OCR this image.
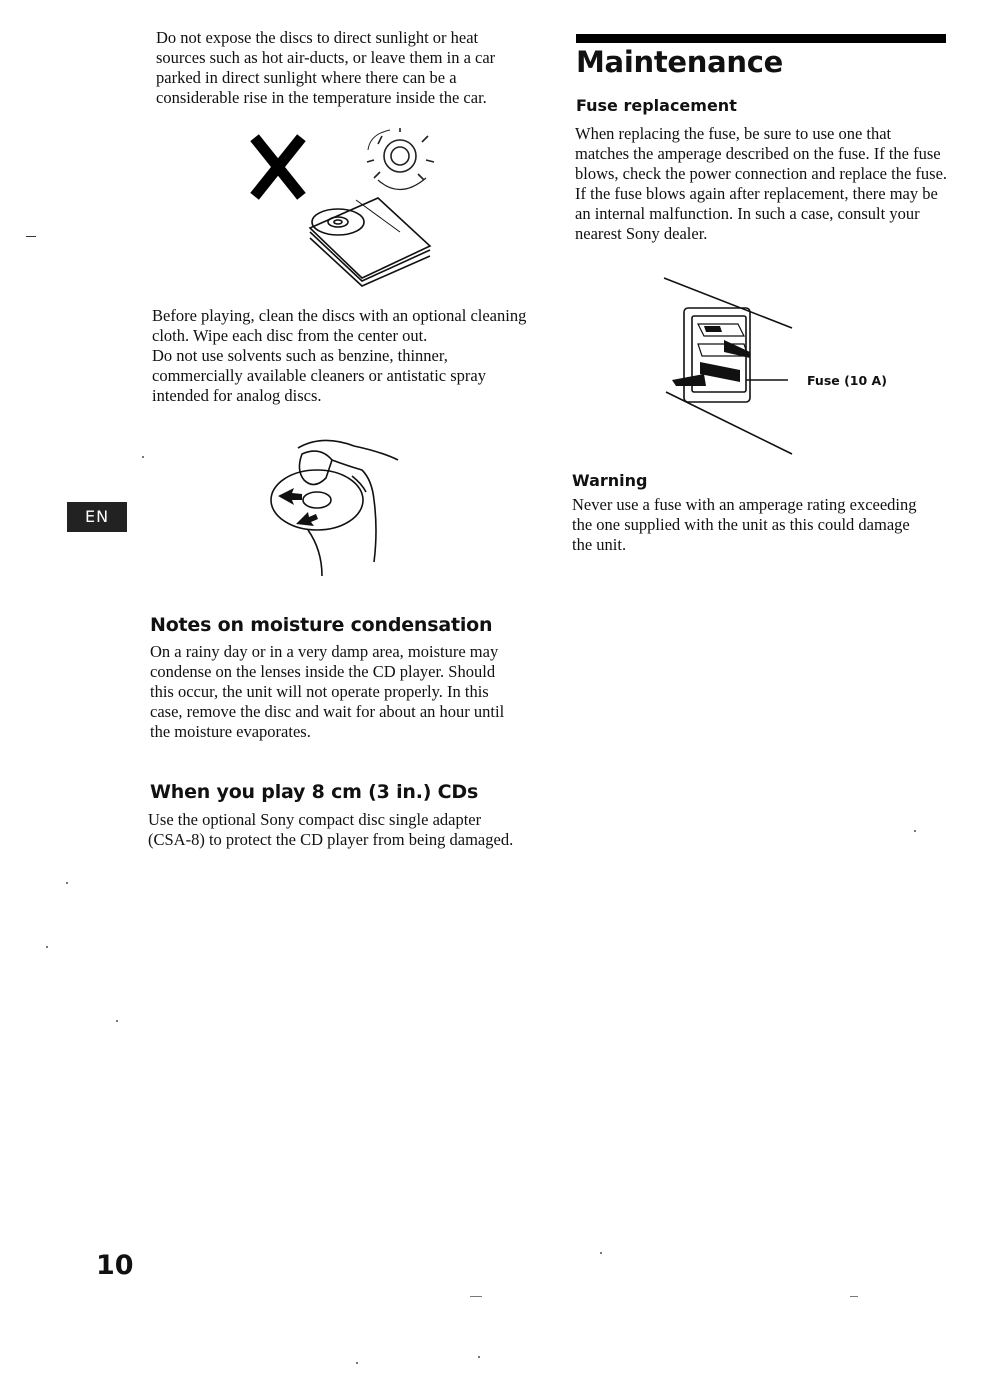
EN

Do not expose the discs to direct sunlight or heat sources such as hot air-ducts, or leave them in a car parked in direct sunlight where there can be a considerable rise in the temperature inside the car.

Before playing, clean the discs with an optional cleaning cloth. Wipe each disc from the center out.

Do not use solvents such as benzine, thinner, commercially available cleaners or antistatic spray intended for analog discs.

Notes on moisture condensation

On a rainy day or in a very damp area, moisture may condense on the lenses inside the CD player. Should this occur, the unit will not operate properly. In this case, remove the disc and wait for about an hour until the moisture evaporates.

When you play 8 cm (3 in.) CDs

Use the optional Sony compact disc single adapter (CSA-8) to protect the CD player from being damaged.

Maintenance
Fuse replacement

When replacing the fuse, be sure to use one that matches the amperage described on the fuse. If the fuse blows, check the power connection and replace the fuse. If the fuse blows again after replacement, there may be an internal malfunction. In such a case, consult your nearest Sony dealer.

Fuse (10 A)
Warning

Never use a fuse with an amperage rating exceeding the one supplied with the unit as this could damage the unit.

10
